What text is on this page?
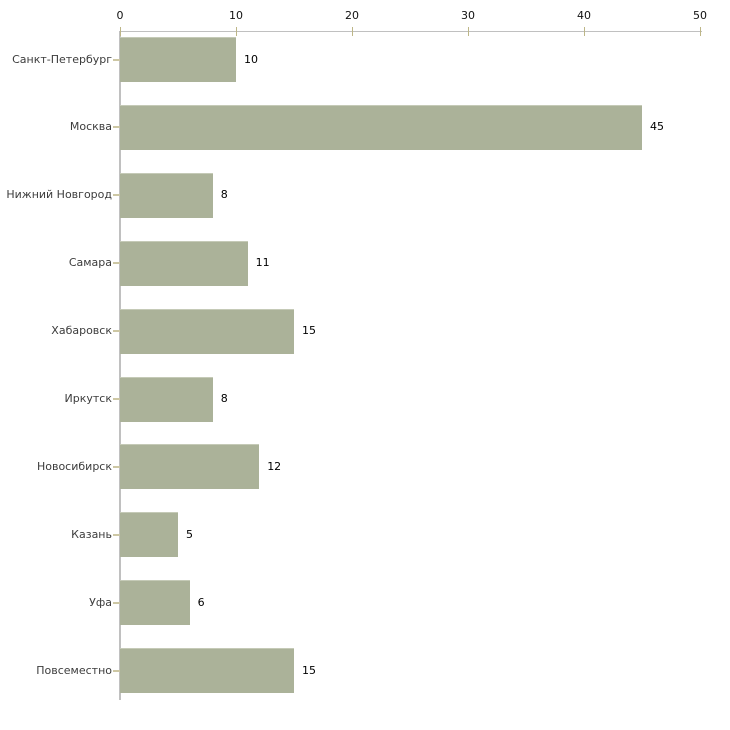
0	10	20	30	40	50
Санкт-Петербург	10
Москва	45
Нижний Новгород	8
Самара	11
Хабаровск	15
Иркутск	8
Новосибирск	12
Казань	5
Уфа	6
Повсеместно	15
